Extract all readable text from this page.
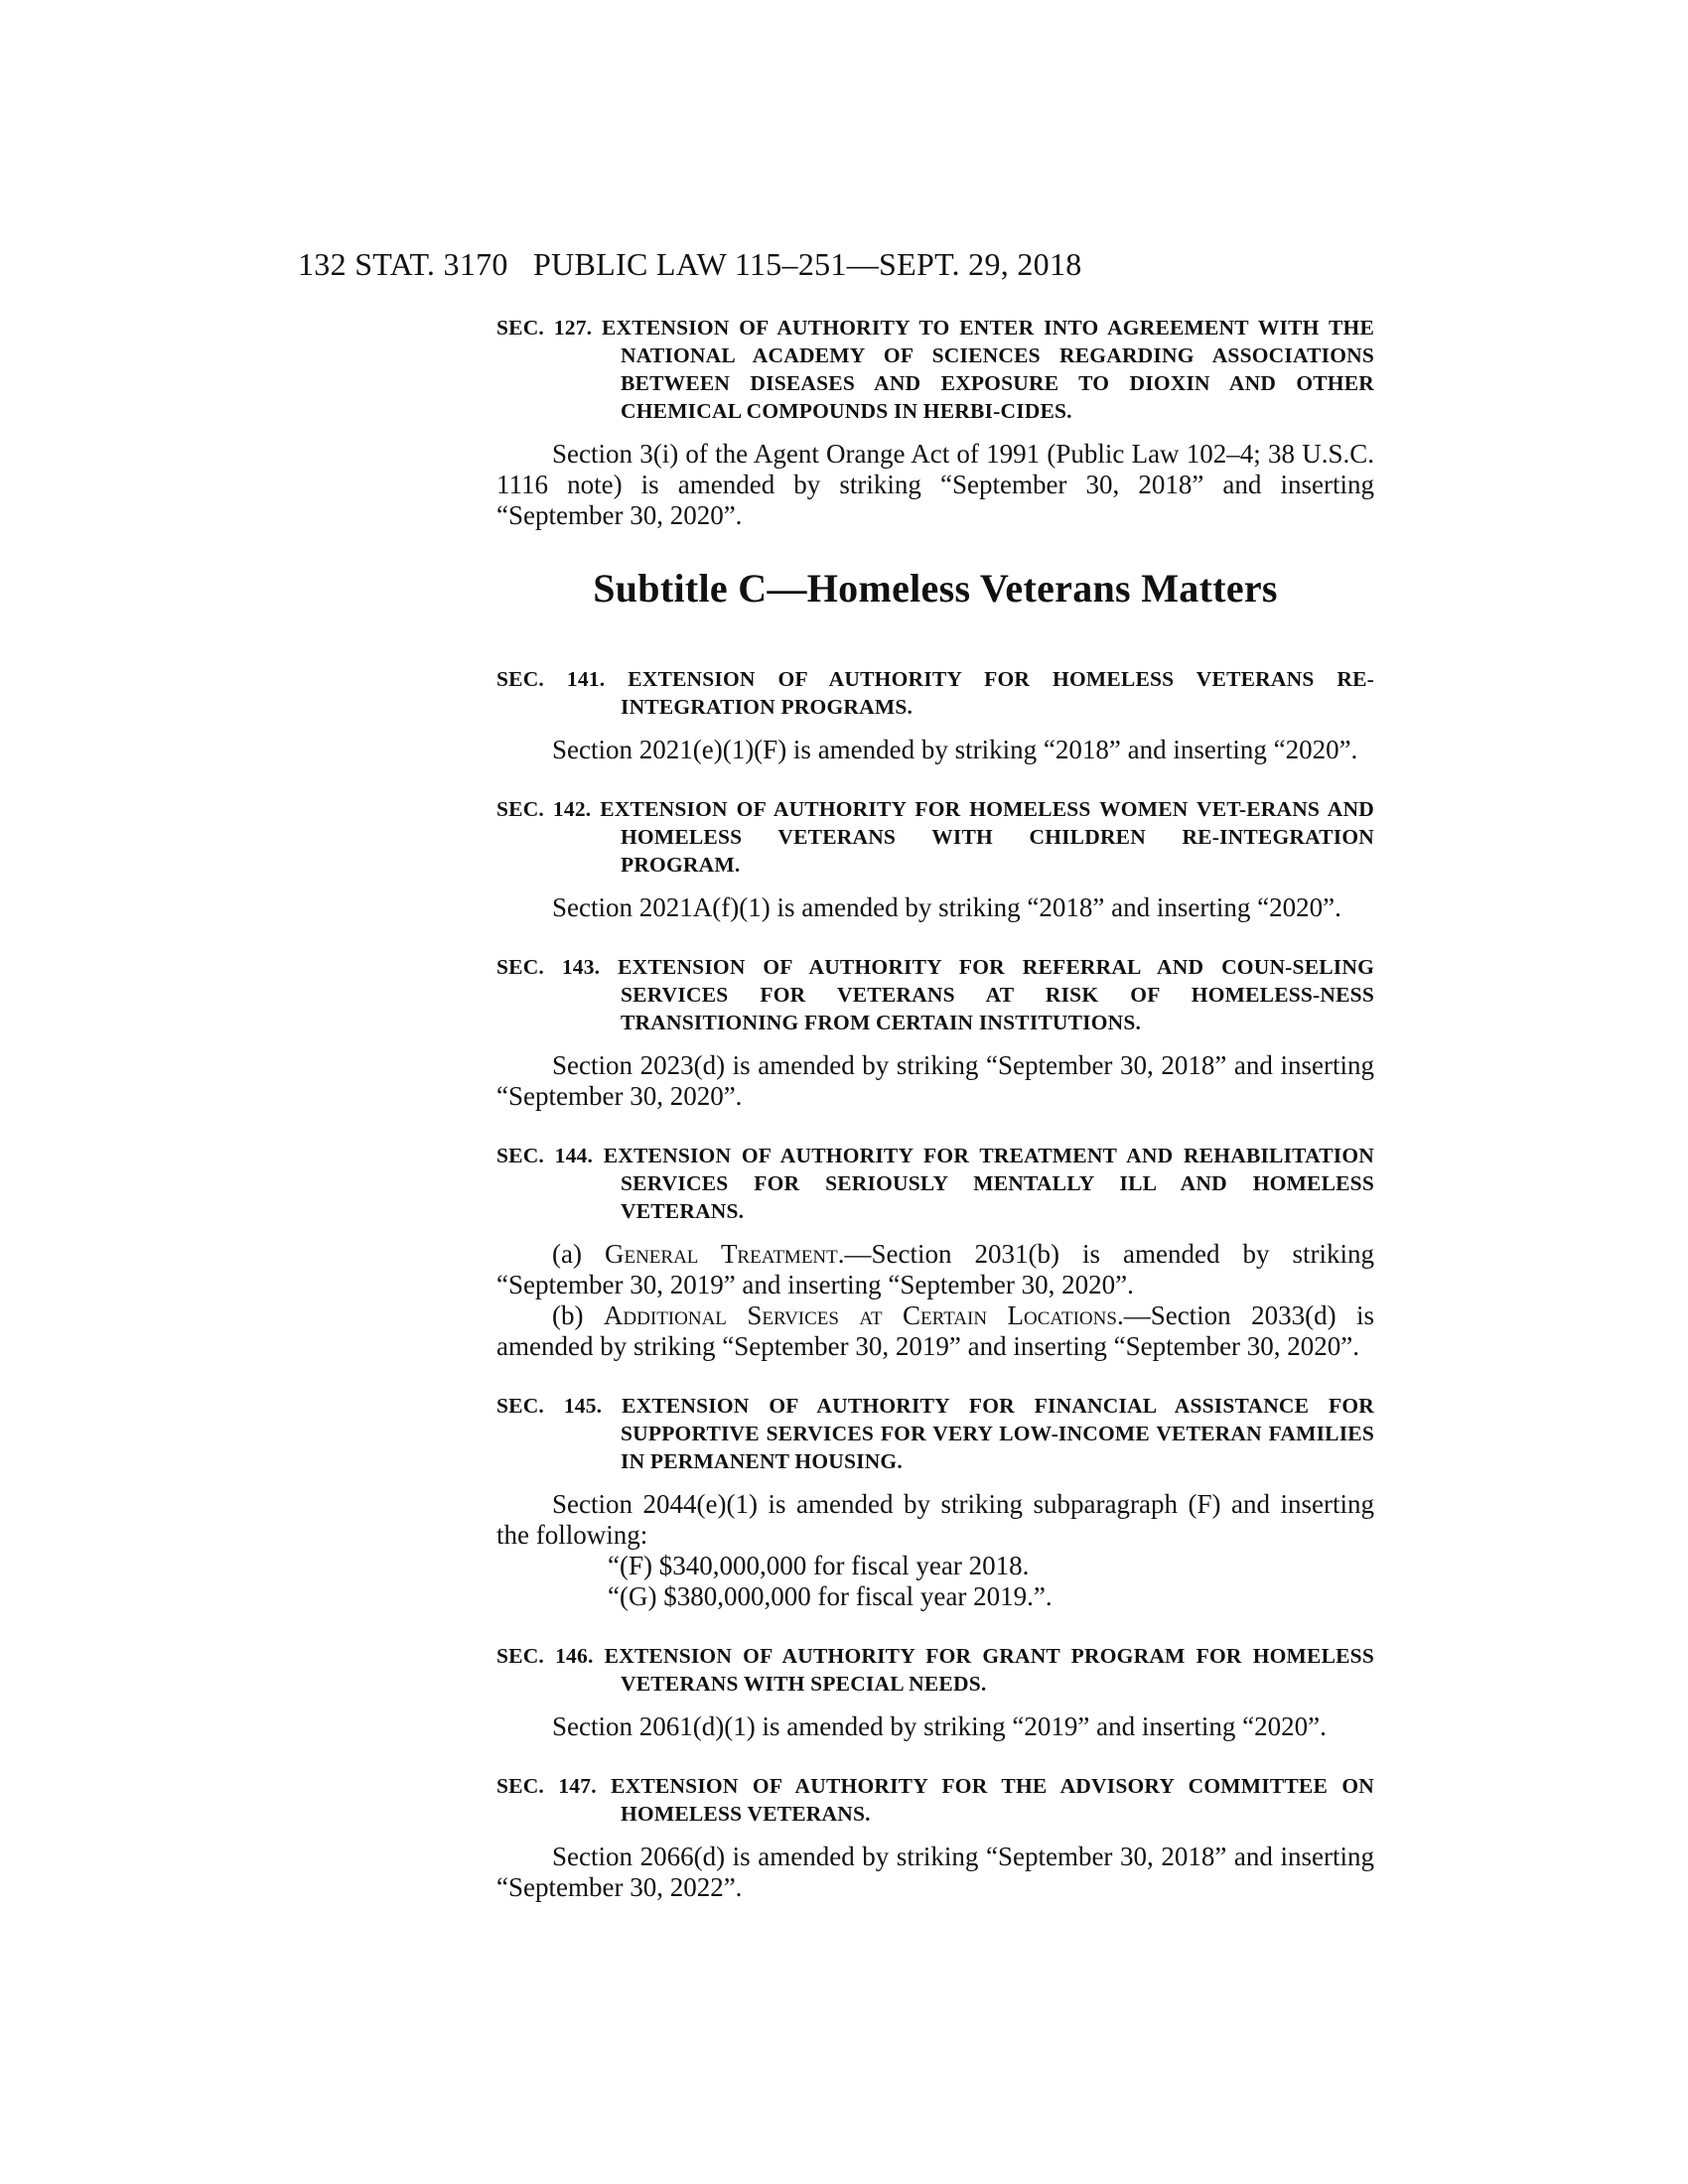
132 STAT. 3170 PUBLIC LAW 115–251—SEPT. 29, 2018

SEC. 127. EXTENSION OF AUTHORITY TO ENTER INTO AGREEMENT WITH THE NATIONAL ACADEMY OF SCIENCES REGARDING ASSOCIATIONS BETWEEN DISEASES AND EXPOSURE TO DIOXIN AND OTHER CHEMICAL COMPOUNDS IN HERBI-CIDES.

Section 3(i) of the Agent Orange Act of 1991 (Public Law 102–4; 38 U.S.C. 1116 note) is amended by striking “September 30, 2018” and inserting “September 30, 2020”.

Subtitle C—Homeless Veterans Matters

SEC. 141. EXTENSION OF AUTHORITY FOR HOMELESS VETERANS RE-INTEGRATION PROGRAMS.

Section 2021(e)(1)(F) is amended by striking “2018” and inserting “2020”.

SEC. 142. EXTENSION OF AUTHORITY FOR HOMELESS WOMEN VET-ERANS AND HOMELESS VETERANS WITH CHILDREN RE-INTEGRATION PROGRAM.

Section 2021A(f)(1) is amended by striking “2018” and inserting “2020”.

SEC. 143. EXTENSION OF AUTHORITY FOR REFERRAL AND COUN-SELING SERVICES FOR VETERANS AT RISK OF HOMELESS-NESS TRANSITIONING FROM CERTAIN INSTITUTIONS.

Section 2023(d) is amended by striking “September 30, 2018” and inserting “September 30, 2020”.

SEC. 144. EXTENSION OF AUTHORITY FOR TREATMENT AND REHABILITATION SERVICES FOR SERIOUSLY MENTALLY ILL AND HOMELESS VETERANS.

(a) General Treatment.—Section 2031(b) is amended by striking “September 30, 2019” and inserting “September 30, 2020”.

(b) Additional Services at Certain Locations.—Section 2033(d) is amended by striking “September 30, 2019” and inserting “September 30, 2020”.

SEC. 145. EXTENSION OF AUTHORITY FOR FINANCIAL ASSISTANCE FOR SUPPORTIVE SERVICES FOR VERY LOW-INCOME VETERAN FAMILIES IN PERMANENT HOUSING.

Section 2044(e)(1) is amended by striking subparagraph (F) and inserting the following:

“(F) $340,000,000 for fiscal year 2018.

“(G) $380,000,000 for fiscal year 2019.”.

SEC. 146. EXTENSION OF AUTHORITY FOR GRANT PROGRAM FOR HOMELESS VETERANS WITH SPECIAL NEEDS.

Section 2061(d)(1) is amended by striking “2019” and inserting “2020”.

SEC. 147. EXTENSION OF AUTHORITY FOR THE ADVISORY COMMITTEE ON HOMELESS VETERANS.

Section 2066(d) is amended by striking “September 30, 2018” and inserting “September 30, 2022”.
